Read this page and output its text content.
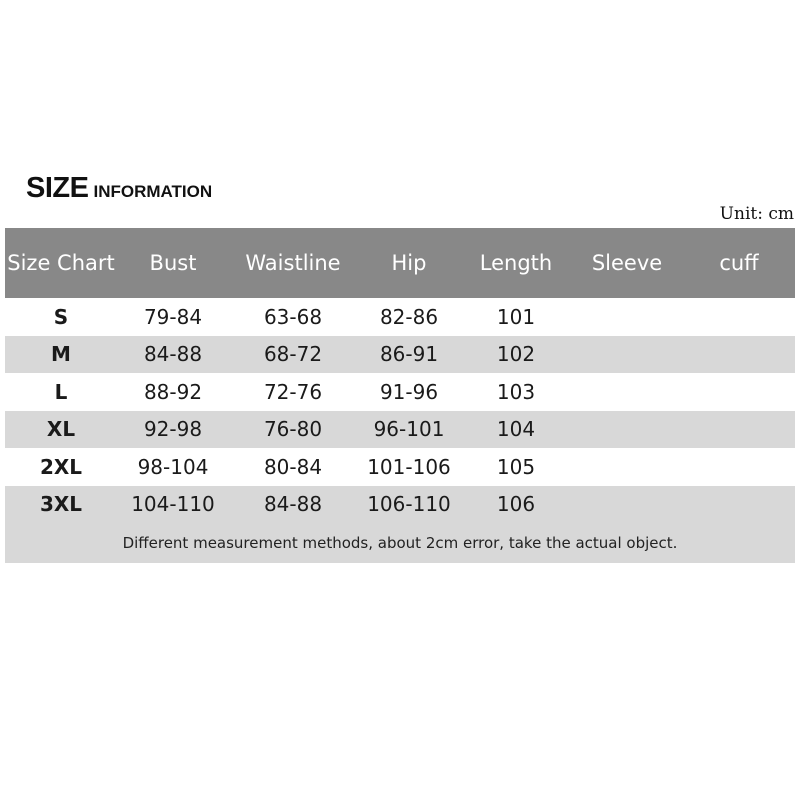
SIZE INFORMATION
Unit: cm
Size Chart	Bust	Waistline	Hip	Length	Sleeve	cuff
S	79-84	63-68	82-86	101
M	84-88	68-72	86-91	102
L	88-92	72-76	91-96	103
XL	92-98	76-80	96-101	104
2XL	98-104	80-84	101-106	105
3XL	104-110	84-88	106-110	106
Different measurement methods, about 2cm error, take the actual object.
